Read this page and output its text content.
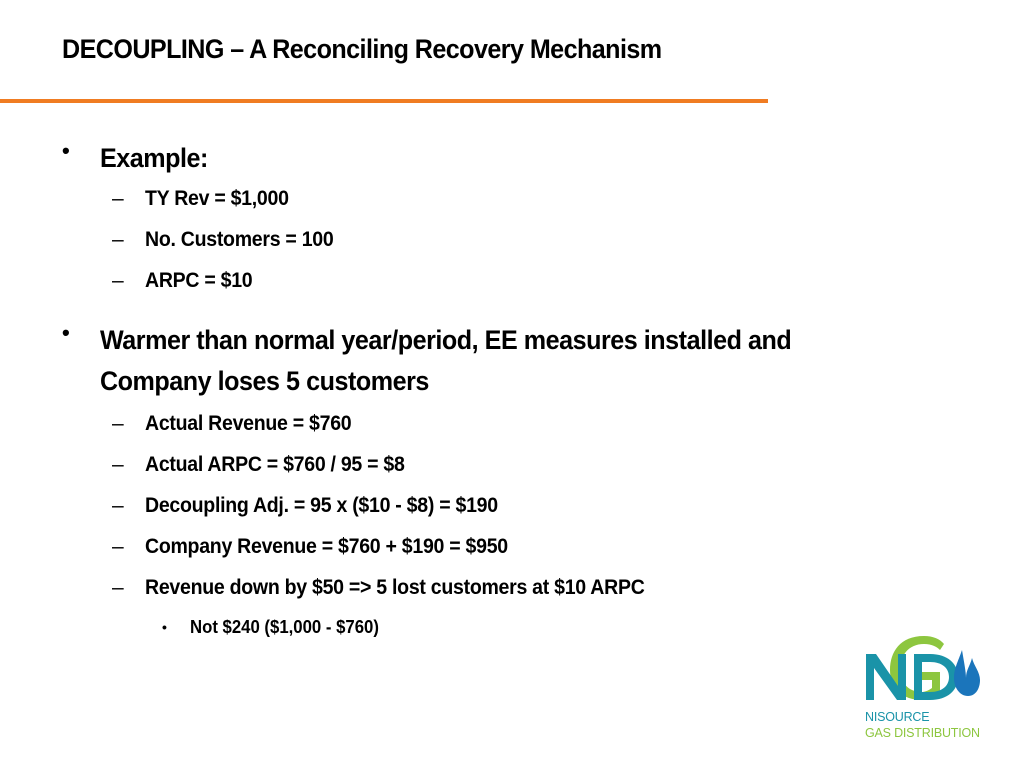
DECOUPLING – A Reconciling Recovery Mechanism
• Example:
– TY Rev = $1,000
– No. Customers = 100
– ARPC = $10
• Warmer than normal year/period, EE measures installed and Company loses 5 customers
– Actual Revenue = $760
– Actual ARPC = $760 / 95 = $8
– Decoupling Adj. = 95 x ($10 - $8) = $190
– Company Revenue = $760 + $190 = $950
– Revenue down by $50 => 5 lost customers at $10 ARPC
• Not $240 ($1,000 - $760)
NISOURCE
GAS DISTRIBUTION
